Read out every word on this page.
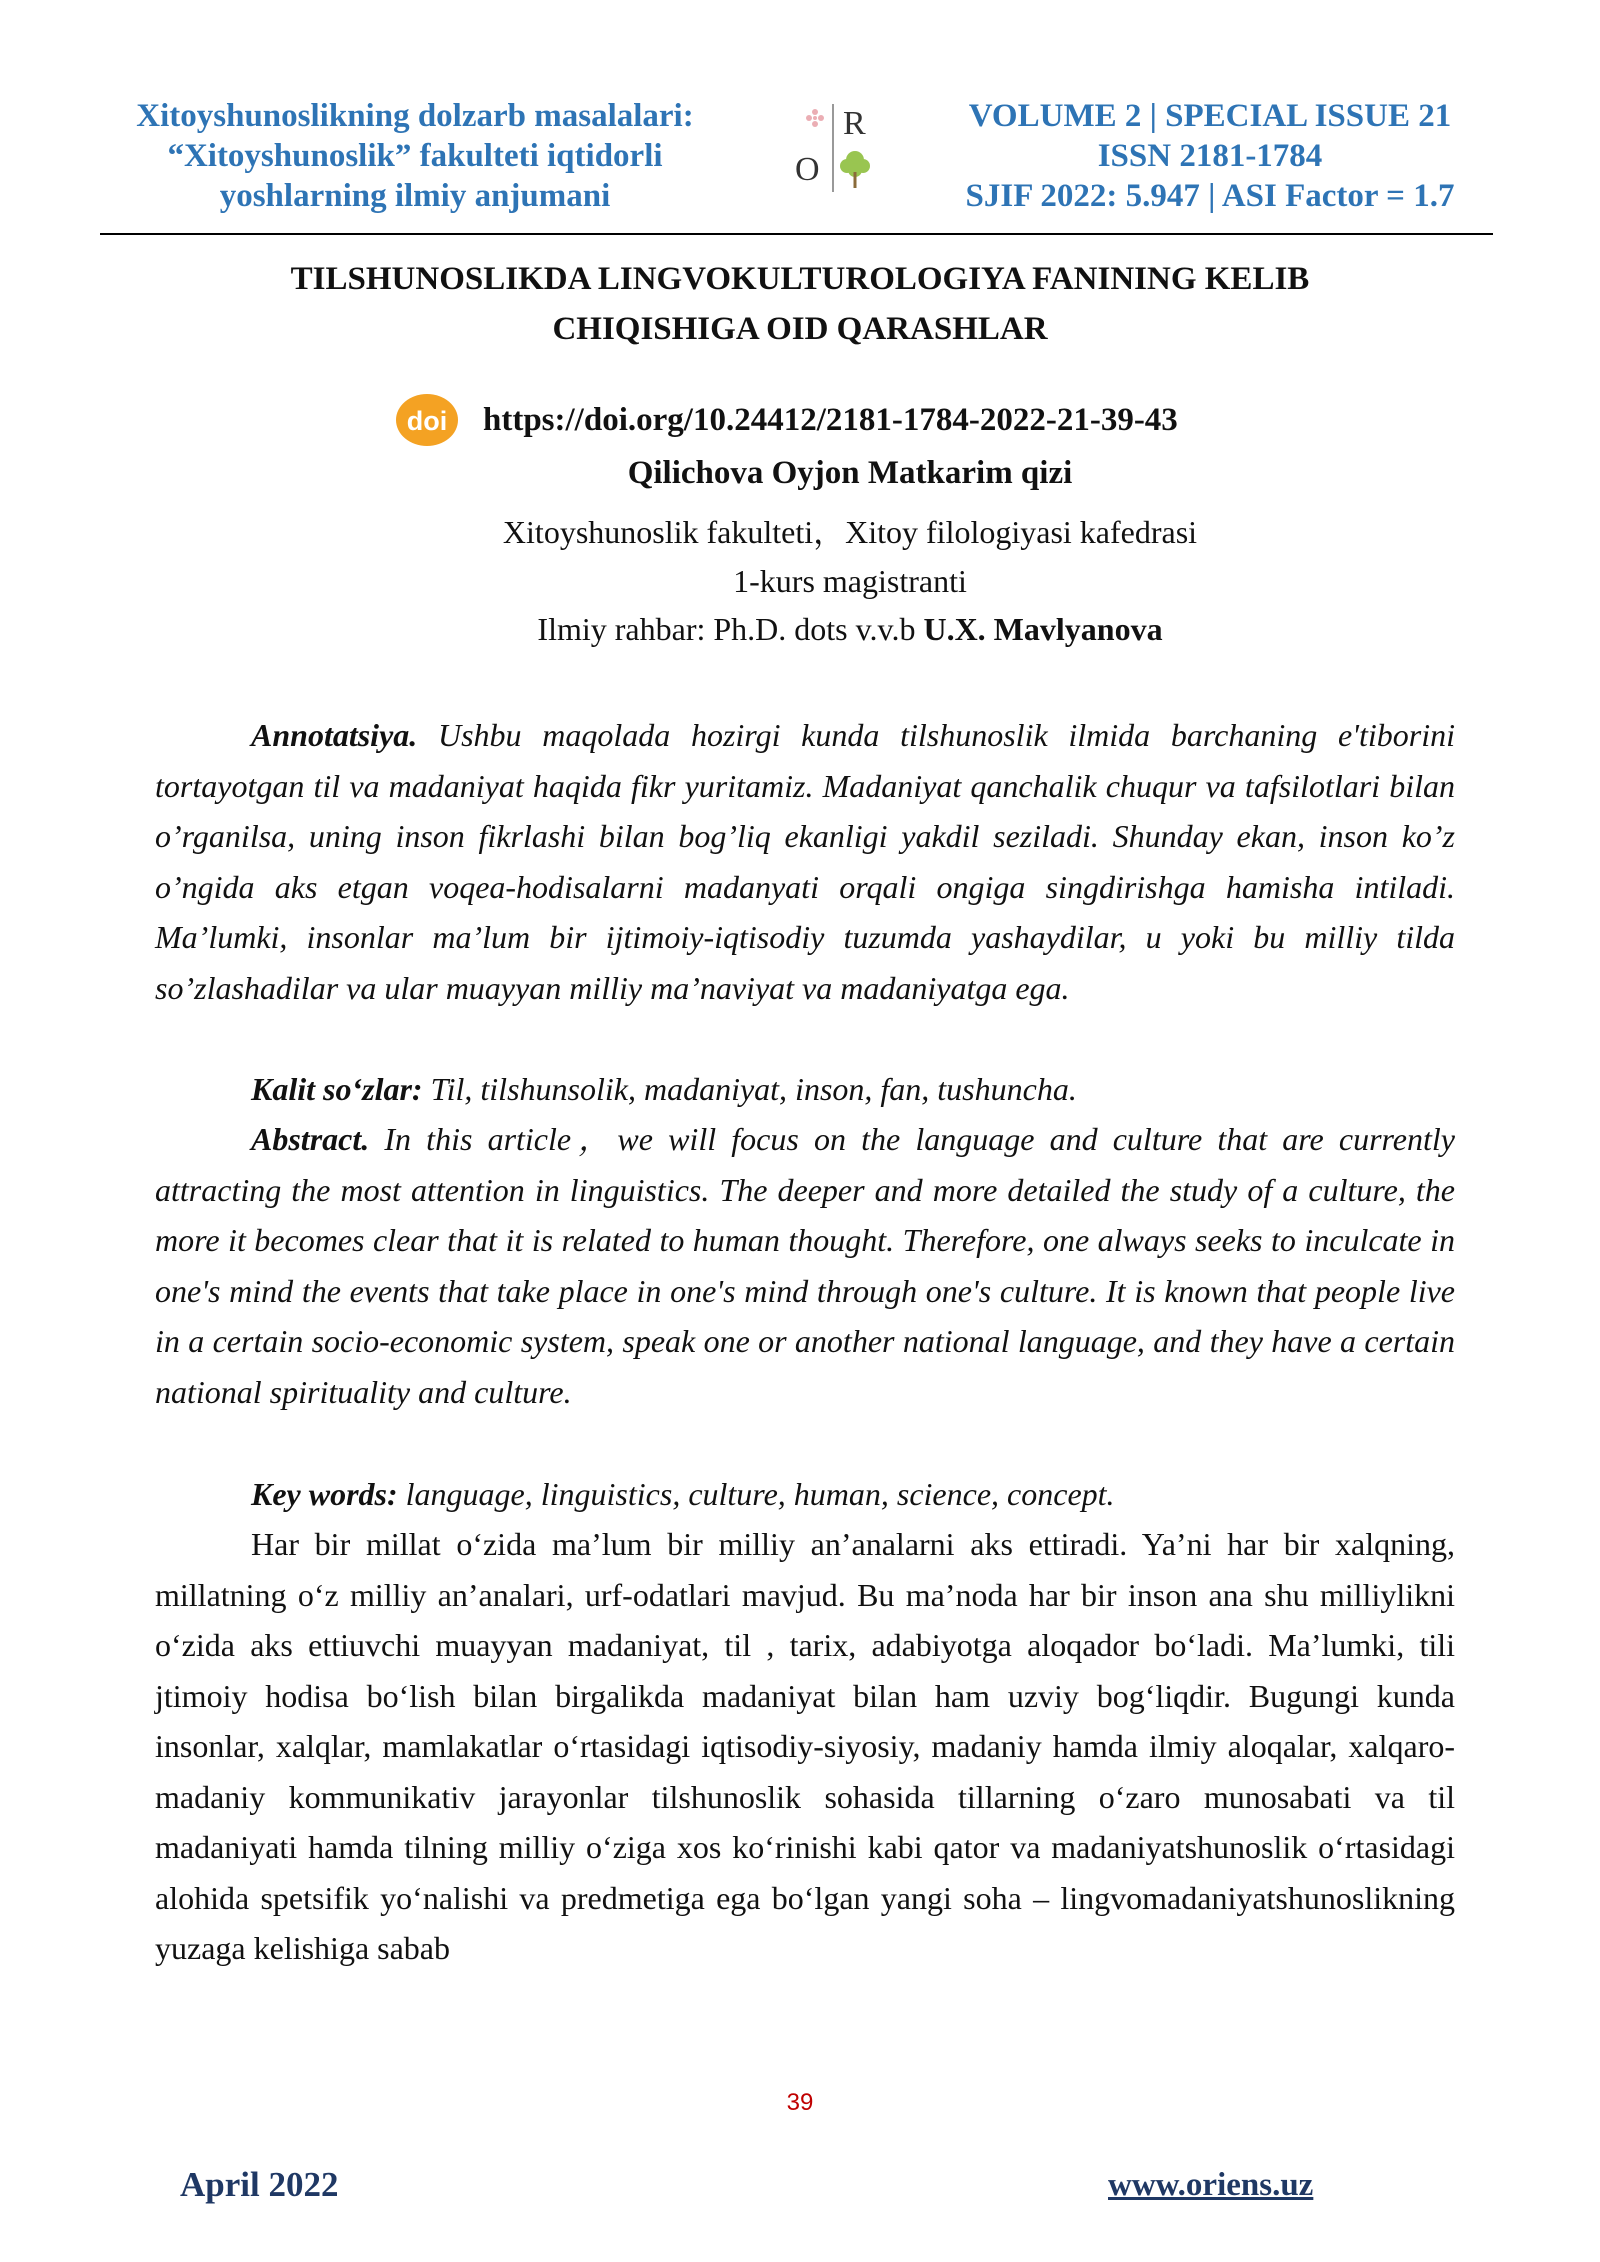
Xitoyshunoslikning dolzarb masalalari:
“Xitoyshunoslik” fakulteti iqtidorli
yoshlarning ilmiy anjumani
R
O
VOLUME 2 | SPECIAL ISSUE 21
ISSN 2181-1784
SJIF 2022: 5.947 | ASI Factor = 1.7
TILSHUNOSLIKDA LINGVOKULTUROLOGIYA FANINING KELIB
CHIQISHIGA OID QARASHLAR
doi https://doi.org/10.24412/2181-1784-2022-21-39-43
Qilichova Oyjon Matkarim qizi
Xitoyshunoslik fakulteti，Xitoy filologiyasi kafedrasi
1-kurs magistranti
Ilmiy rahbar: Ph.D. dots v.v.b U.X. Mavlyanova

Annotatsiya. Ushbu maqolada hozirgi kunda tilshunoslik ilmida barchaning e'tiborini tortayotgan til va madaniyat haqida fikr yuritamiz. Madaniyat qanchalik chuqur va tafsilotlari bilan o’rganilsa, uning inson fikrlashi bilan bog’liq ekanligi yakdil seziladi. Shunday ekan, inson ko’z o’ngida aks etgan voqea-hodisalarni madanyati orqali ongiga singdirishga hamisha intiladi. Ma’lumki, insonlar ma’lum bir ijtimoiy-iqtisodiy tuzumda yashaydilar, u yoki bu milliy tilda so’zlashadilar va ular muayyan milliy ma’naviyat va madaniyatga ega.

Kalit so‘zlar: Til, tilshunsolik, madaniyat, inson, fan, tushuncha.

Abstract. In this article，we will focus on the language and culture that are currently attracting the most attention in linguistics. The deeper and more detailed the study of a culture, the more it becomes clear that it is related to human thought. Therefore, one always seeks to inculcate in one's mind the events that take place in one's mind through one's culture. It is known that people live in a certain socio-economic system, speak one or another national language, and they have a certain national spirituality and culture.

Key words: language, linguistics, culture, human, science, concept.

Har bir millat o‘zida ma’lum bir milliy an’analarni aks ettiradi. Ya’ni har bir xalqning, millatning o‘z milliy an’analari, urf-odatlari mavjud. Bu ma’noda har bir inson ana shu milliylikni o‘zida aks ettiuvchi muayyan madaniyat, til , tarix, adabiyotga aloqador bo‘ladi. Ma’lumki, tili jtimoiy hodisa bo‘lish bilan birgalikda madaniyat bilan ham uzviy bog‘liqdir. Bugungi kunda insonlar, xalqlar, mamlakatlar o‘rtasidagi iqtisodiy-siyosiy, madaniy hamda ilmiy aloqalar, xalqaro-madaniy kommunikativ jarayonlar tilshunoslik sohasida tillarning o‘zaro munosabati va til madaniyati hamda tilning milliy o‘ziga xos ko‘rinishi kabi qator va madaniyatshunoslik o‘rtasidagi alohida spetsifik yo‘nalishi va predmetiga ega bo‘lgan yangi soha – lingvomadaniyatshunoslikning yuzaga kelishiga sabab

39
April 2022	www.oriens.uz
